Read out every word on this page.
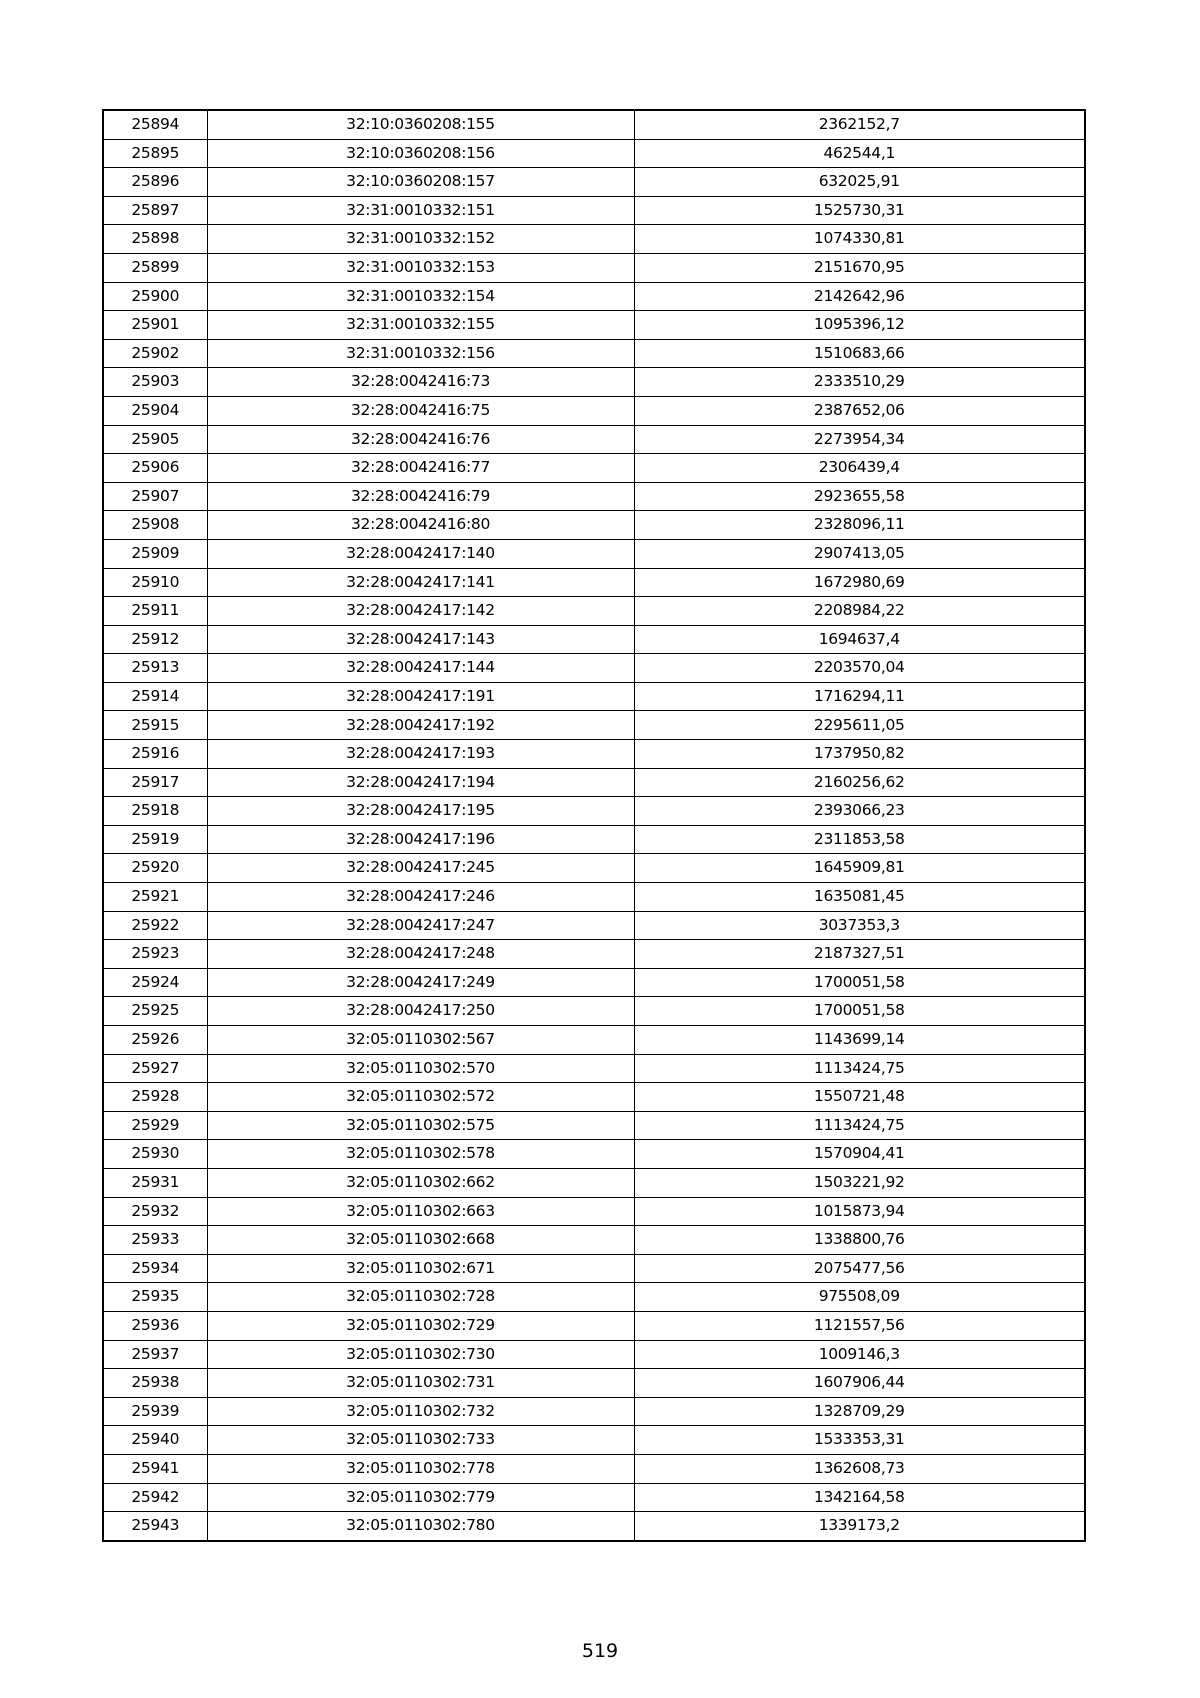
25894	32:10:0360208:155	2362152,7
25895	32:10:0360208:156	462544,1
25896	32:10:0360208:157	632025,91
25897	32:31:0010332:151	1525730,31
25898	32:31:0010332:152	1074330,81
25899	32:31:0010332:153	2151670,95
25900	32:31:0010332:154	2142642,96
25901	32:31:0010332:155	1095396,12
25902	32:31:0010332:156	1510683,66
25903	32:28:0042416:73	2333510,29
25904	32:28:0042416:75	2387652,06
25905	32:28:0042416:76	2273954,34
25906	32:28:0042416:77	2306439,4
25907	32:28:0042416:79	2923655,58
25908	32:28:0042416:80	2328096,11
25909	32:28:0042417:140	2907413,05
25910	32:28:0042417:141	1672980,69
25911	32:28:0042417:142	2208984,22
25912	32:28:0042417:143	1694637,4
25913	32:28:0042417:144	2203570,04
25914	32:28:0042417:191	1716294,11
25915	32:28:0042417:192	2295611,05
25916	32:28:0042417:193	1737950,82
25917	32:28:0042417:194	2160256,62
25918	32:28:0042417:195	2393066,23
25919	32:28:0042417:196	2311853,58
25920	32:28:0042417:245	1645909,81
25921	32:28:0042417:246	1635081,45
25922	32:28:0042417:247	3037353,3
25923	32:28:0042417:248	2187327,51
25924	32:28:0042417:249	1700051,58
25925	32:28:0042417:250	1700051,58
25926	32:05:0110302:567	1143699,14
25927	32:05:0110302:570	1113424,75
25928	32:05:0110302:572	1550721,48
25929	32:05:0110302:575	1113424,75
25930	32:05:0110302:578	1570904,41
25931	32:05:0110302:662	1503221,92
25932	32:05:0110302:663	1015873,94
25933	32:05:0110302:668	1338800,76
25934	32:05:0110302:671	2075477,56
25935	32:05:0110302:728	975508,09
25936	32:05:0110302:729	1121557,56
25937	32:05:0110302:730	1009146,3
25938	32:05:0110302:731	1607906,44
25939	32:05:0110302:732	1328709,29
25940	32:05:0110302:733	1533353,31
25941	32:05:0110302:778	1362608,73
25942	32:05:0110302:779	1342164,58
25943	32:05:0110302:780	1339173,2
519
